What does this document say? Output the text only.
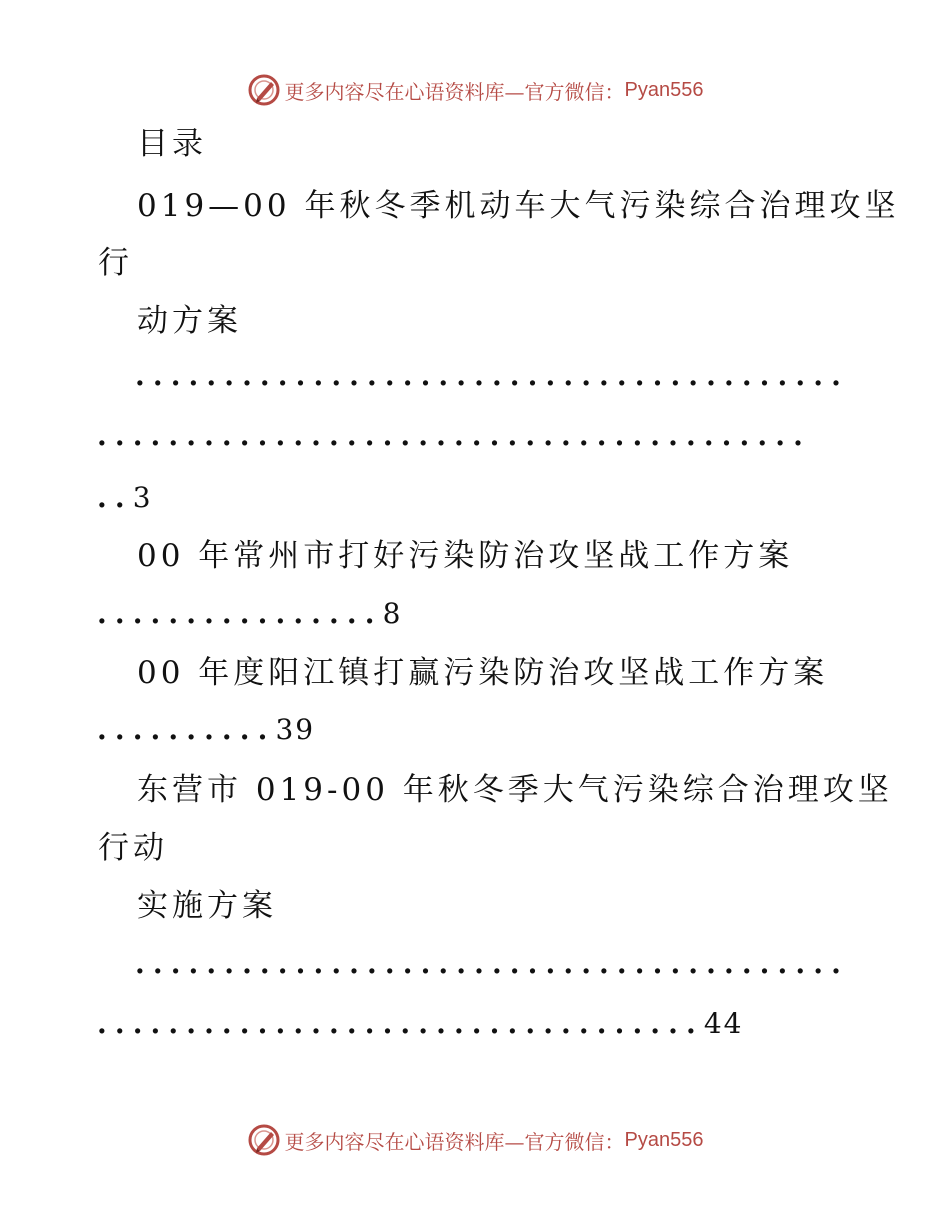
更多内容尽在心语资料库—官方微信： Pyan556
目录
019—00 年秋冬季机动车大气污染综合治理攻坚
行
动方案
........................................
........................................
..3
00 年常州市打好污染防治攻坚战工作方案
................8
00 年度阳江镇打赢污染防治攻坚战工作方案
..........39
东营市 019-00 年秋冬季大气污染综合治理攻坚
行动
实施方案
........................................
..................................44
更多内容尽在心语资料库—官方微信： Pyan556
